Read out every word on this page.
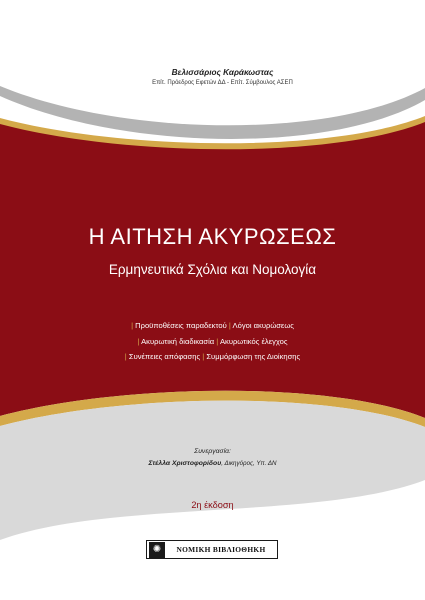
Βελισσάριος Καράκωστας
Επίτ. Πρόεδρος Εφετών ΔΔ - Επίτ. Σύμβουλος ΑΣΕΠ
Η ΑΙΤΗΣΗ ΑΚΥΡΩΣΕΩΣ
Ερμηνευτικά Σχόλια και Νομολογία
| Προϋποθέσεις παραδεκτού | Λόγοι ακυρώσεως
| Ακυρωτική διαδικασία | Ακυρωτικός έλεγχος
| Συνέπειες απόφασης | Συμμόρφωση της Διοίκησης
Συνεργασία:
Στέλλα Χριστοφορίδου, Δικηγόρος, Υπ. ΔΝ
2η έκδοση
✺	ΝΟΜΙΚΗ ΒΙΒΛΙΟΘΗΚΗ
